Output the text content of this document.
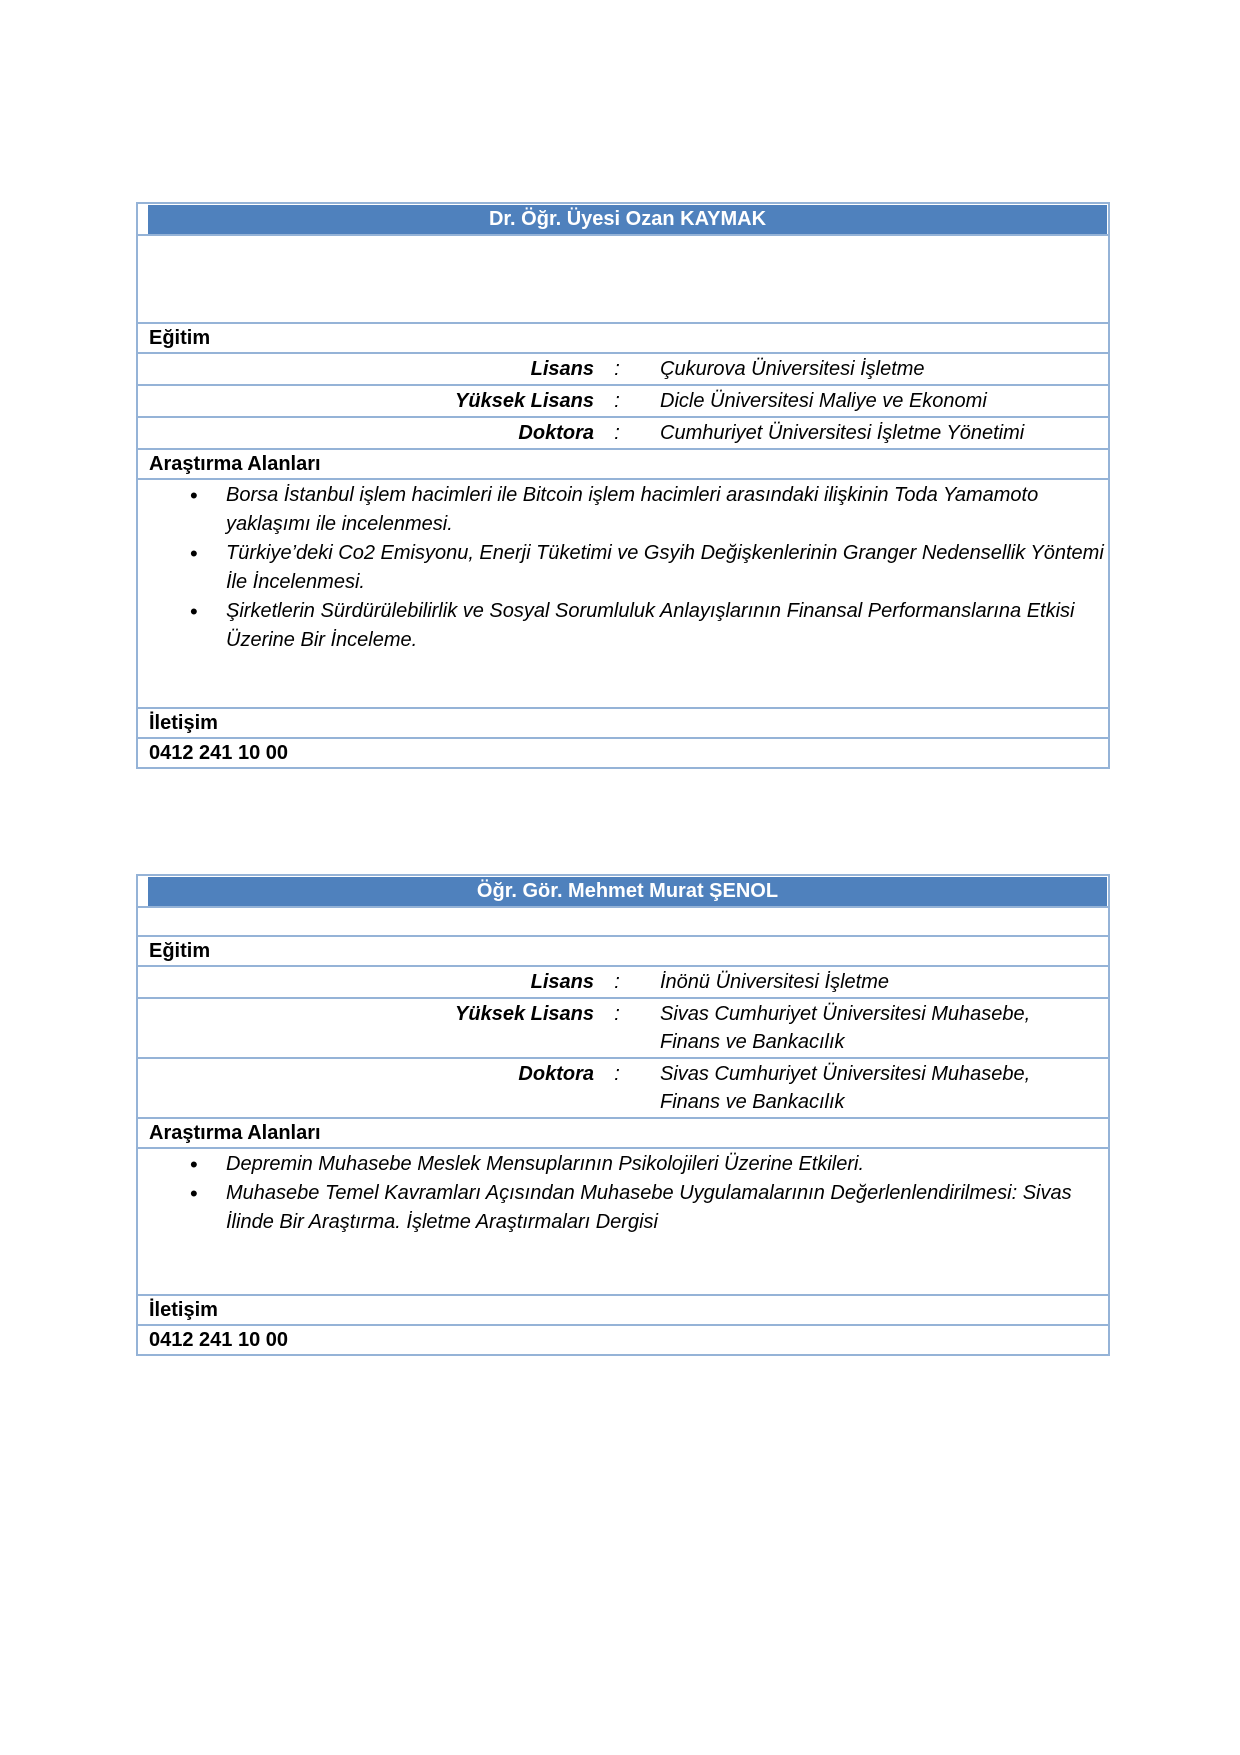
Dr. Öğr. Üyesi Ozan KAYMAK
Eğitim
Lisans	:	Çukurova Üniversitesi İşletme
Yüksek Lisans	:	Dicle Üniversitesi Maliye ve Ekonomi
Doktora	:	Cumhuriyet Üniversitesi İşletme Yönetimi
Araştırma Alanları
• Borsa İstanbul işlem hacimleri ile Bitcoin işlem hacimleri arasındaki ilişkinin Toda Yamamoto yaklaşımı ile incelenmesi.
• Türkiye’deki Co2 Emisyonu, Enerji Tüketimi ve Gsyih Değişkenlerinin Granger Nedensellik Yöntemi İle İncelenmesi.
• Şirketlerin Sürdürülebilirlik ve Sosyal Sorumluluk Anlayışlarının Finansal Performanslarına Etkisi Üzerine Bir İnceleme.
İletişim
0412 241 10 00
Öğr. Gör. Mehmet Murat ŞENOL
Eğitim
Lisans	:	İnönü Üniversitesi İşletme
Yüksek Lisans	:	Sivas Cumhuriyet Üniversitesi Muhasebe, Finans ve Bankacılık
Doktora	:	Sivas Cumhuriyet Üniversitesi Muhasebe, Finans ve Bankacılık
Araştırma Alanları
• Depremin Muhasebe Meslek Mensuplarının Psikolojileri Üzerine Etkileri.
• Muhasebe Temel Kavramları Açısından Muhasebe Uygulamalarının Değerlenlendirilmesi: Sivas İlinde Bir Araştırma. İşletme Araştırmaları Dergisi
İletişim
0412 241 10 00
